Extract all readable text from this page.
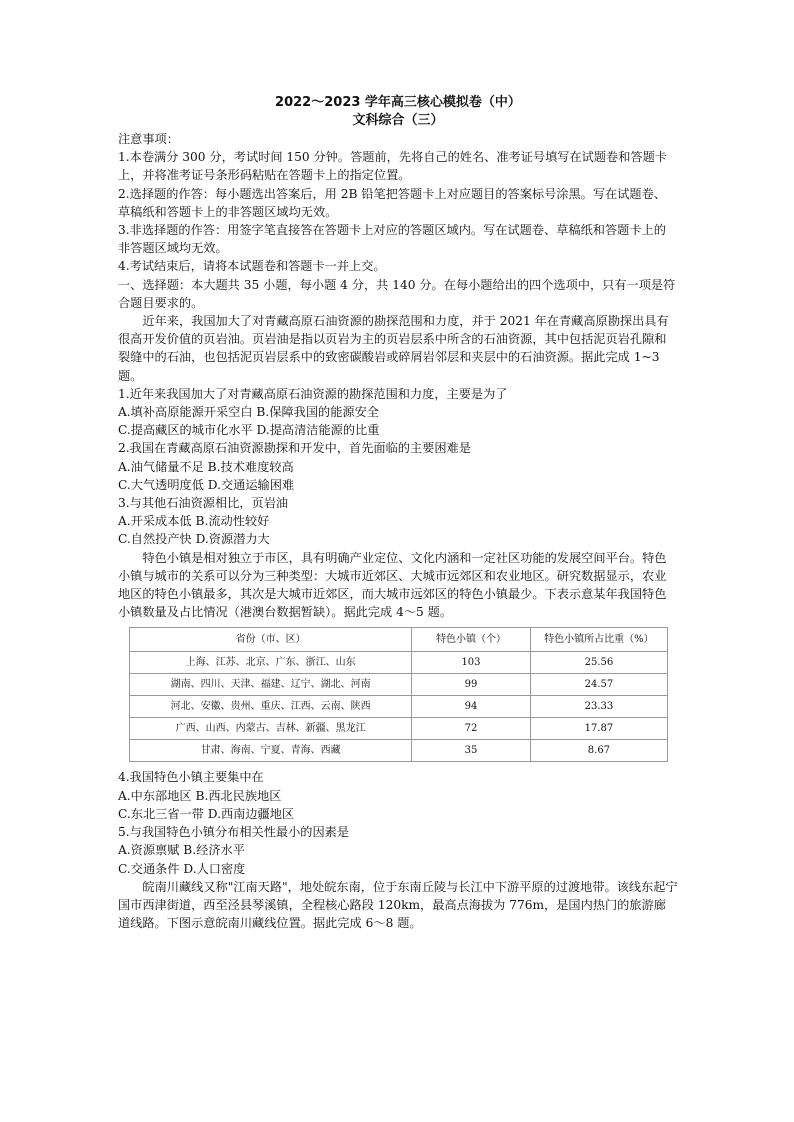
2022～2023 学年高三核心模拟卷（中）
文科综合（三）

注意事项：

1.本卷满分 300 分，考试时间 150 分钟。答题前，先将自己的姓名、准考证号填写在试题卷和答题卡上，并将准考证号条形码粘贴在答题卡上的指定位置。

2.选择题的作答：每小题选出答案后，用 2B 铅笔把答题卡上对应题目的答案标号涂黑。写在试题卷、草稿纸和答题卡上的非答题区域均无效。

3.非选择题的作答：用签字笔直接答在答题卡上对应的答题区域内。写在试题卷、草稿纸和答题卡上的非答题区域均无效。

4.考试结束后，请将本试题卷和答题卡一并上交。

一、选择题：本大题共 35 小题，每小题 4 分，共 140 分。在每小题给出的四个选项中，只有一项是符合题目要求的。

近年来，我国加大了对青藏高原石油资源的勘探范围和力度，并于 2021 年在青藏高原勘探出具有很高开发价值的页岩油。页岩油是指以页岩为主的页岩层系中所含的石油资源，其中包括泥页岩孔隙和裂缝中的石油，也包括泥页岩层系中的致密碳酸岩或碎屑岩邻层和夹层中的石油资源。据此完成 1~3 题。

1.近年来我国加大了对青藏高原石油资源的勘探范围和力度，主要是为了

A.填补高原能源开采空白 B.保障我国的能源安全

C.提高藏区的城市化水平 D.提高清洁能源的比重

2.我国在青藏高原石油资源勘探和开发中，首先面临的主要困难是

A.油气储量不足 B.技术难度较高

C.大气透明度低 D.交通运输困难

3.与其他石油资源相比，页岩油

A.开采成本低 B.流动性较好

C.自然投产快 D.资源潜力大

特色小镇是相对独立于市区，具有明确产业定位、文化内涵和一定社区功能的发展空间平台。特色小镇与城市的关系可以分为三种类型：大城市近郊区、大城市远郊区和农业地区。研究数据显示，农业地区的特色小镇最多，其次是大城市近郊区，而大城市远郊区的特色小镇最少。下表示意某年我国特色小镇数量及占比情况（港澳台数据暂缺）。据此完成 4～5 题。

省份（市、区）	特色小镇（个）	特色小镇所占比重（%）
上海、江苏、北京、广东、浙江、山东	103	25.56
湖南、四川、天津、福建、辽宁、湖北、河南	99	24.57
河北、安徽、贵州、重庆、江西、云南、陕西	94	23.33
广西、山西、内蒙古、吉林、新疆、黑龙江	72	17.87
甘肃、海南、宁夏、青海、西藏	35	8.67

4.我国特色小镇主要集中在

A.中东部地区 B.西北民族地区

C.东北三省一带 D.西南边疆地区

5.与我国特色小镇分布相关性最小的因素是

A.资源禀赋 B.经济水平

C.交通条件 D.人口密度

皖南川藏线又称"江南天路"，地处皖东南，位于东南丘陵与长江中下游平原的过渡地带。该线东起宁国市西津街道，西至泾县琴溪镇，全程核心路段 120km，最高点海拔为 776m，是国内热门的旅游廊道线路。下图示意皖南川藏线位置。据此完成 6～8 题。
